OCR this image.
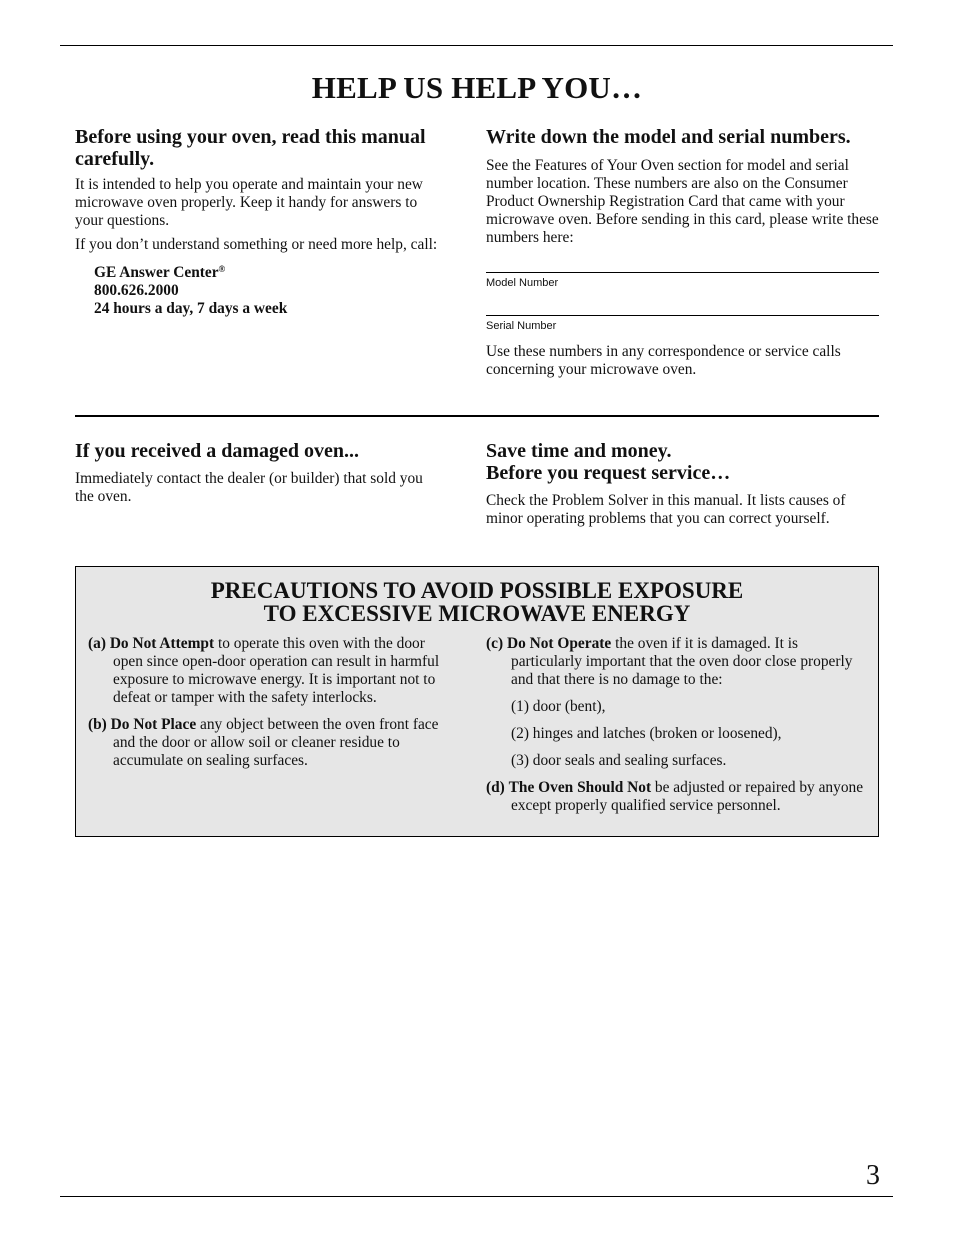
HELP US HELP YOU…
Before using your oven, read this manual carefully.

It is intended to help you operate and maintain your new microwave oven properly. Keep it handy for answers to your questions.

If you don’t understand something or need more help, call:

GE Answer Center®
800.626.2000
24 hours a day, 7 days a week
Write down the model and serial numbers.

See the Features of Your Oven section for model and serial number location. These numbers are also on the Consumer Product Ownership Registration Card that came with your microwave oven. Before sending in this card, please write these numbers here:

Model Number
Serial Number

Use these numbers in any correspondence or service calls concerning your microwave oven.

If you received a damaged oven...

Immediately contact the dealer (or builder) that sold you the oven.

Save time and money.
Before you request service…

Check the Problem Solver in this manual. It lists causes of minor operating problems that you can correct yourself.

PRECAUTIONS TO AVOID POSSIBLE EXPOSURE
TO EXCESSIVE MICROWAVE ENERGY

(a) Do Not Attempt to operate this oven with the door open since open-door operation can result in harmful exposure to microwave energy. It is important not to defeat or tamper with the safety interlocks.

(b) Do Not Place any object between the oven front face and the door or allow soil or cleaner residue to accumulate on sealing surfaces.

(c) Do Not Operate the oven if it is damaged. It is particularly important that the oven door close properly and that there is no damage to the:

(1) door (bent),

(2) hinges and latches (broken or loosened),

(3) door seals and sealing surfaces.

(d) The Oven Should Not be adjusted or repaired by anyone except properly qualified service personnel.

3
